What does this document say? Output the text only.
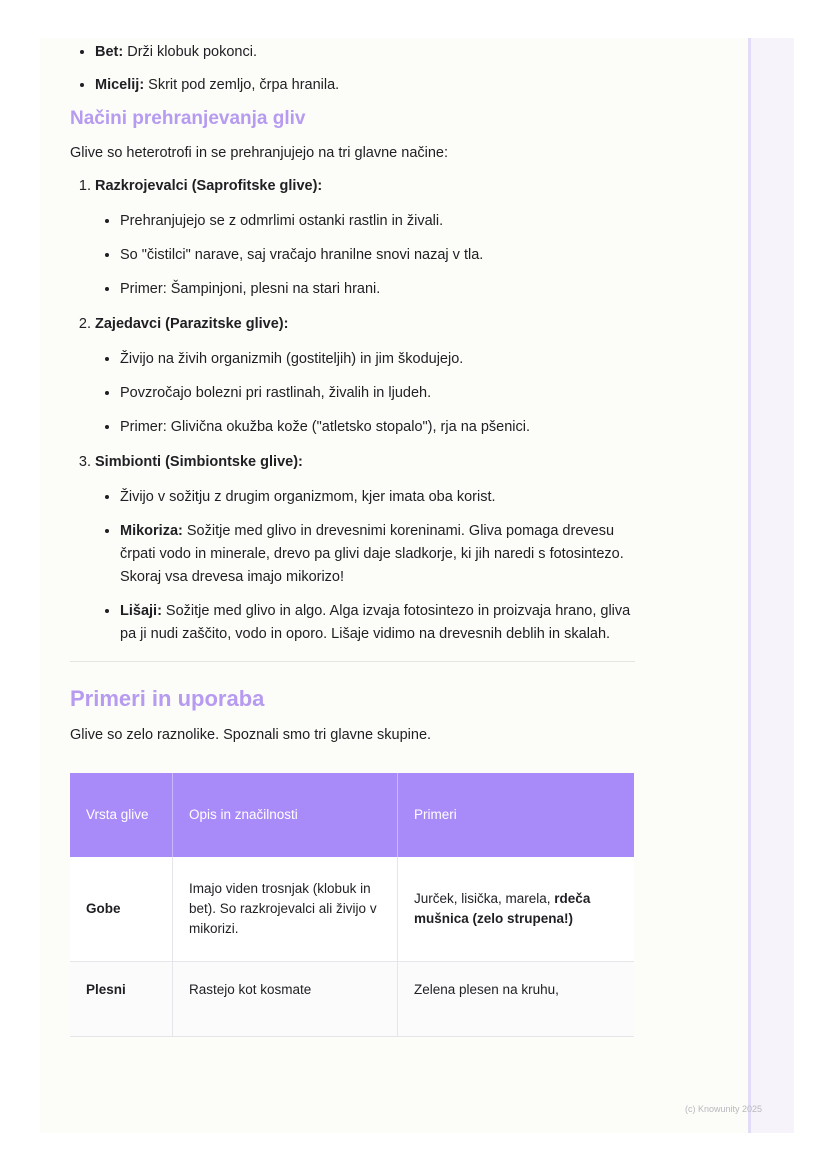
• Bet: Drži klobuk pokonci.
• Micelij: Skrit pod zemljo, črpa hranila.
Načini prehranjevanja gliv

Glive so heterotrofi in se prehranjujejo na tri glavne načine:

1. Razkrojevalci (Saprofitske glive):
• Prehranjujejo se z odmrlimi ostanki rastlin in živali.
• So "čistilci" narave, saj vračajo hranilne snovi nazaj v tla.
• Primer: Šampinjoni, plesni na stari hrani.
2. Zajedavci (Parazitske glive):
• Živijo na živih organizmih (gostiteljih) in jim škodujejo.
• Povzročajo bolezni pri rastlinah, živalih in ljudeh.
• Primer: Glivična okužba kože ("atletsko stopalo"), rja na pšenici.
3. Simbionti (Simbiontske glive):
• Živijo v sožitju z drugim organizmom, kjer imata oba korist.
• Mikoriza: Sožitje med glivo in drevesnimi koreninami. Gliva pomaga drevesu črpati vodo in minerale, drevo pa glivi daje sladkorje, ki jih naredi s fotosintezo. Skoraj vsa drevesa imajo mikorizo!
• Lišaji: Sožitje med glivo in algo. Alga izvaja fotosintezo in proizvaja hrano, gliva pa ji nudi zaščito, vodo in oporo. Lišaje vidimo na drevesnih deblih in skalah.
Primeri in uporaba

Glive so zelo raznolike. Spoznali smo tri glavne skupine.

Vrsta glive	Opis in značilnosti	Primeri
Gobe	Imajo viden trosnjak (klobuk in bet). So razkrojevalci ali živijo v mikorizi.	Jurček, lisička, marela, rdeča mušnica (zelo strupena!)
Plesni	Rastejo kot kosmate	Zelena plesen na kruhu,
(c) Knowunity 2025
